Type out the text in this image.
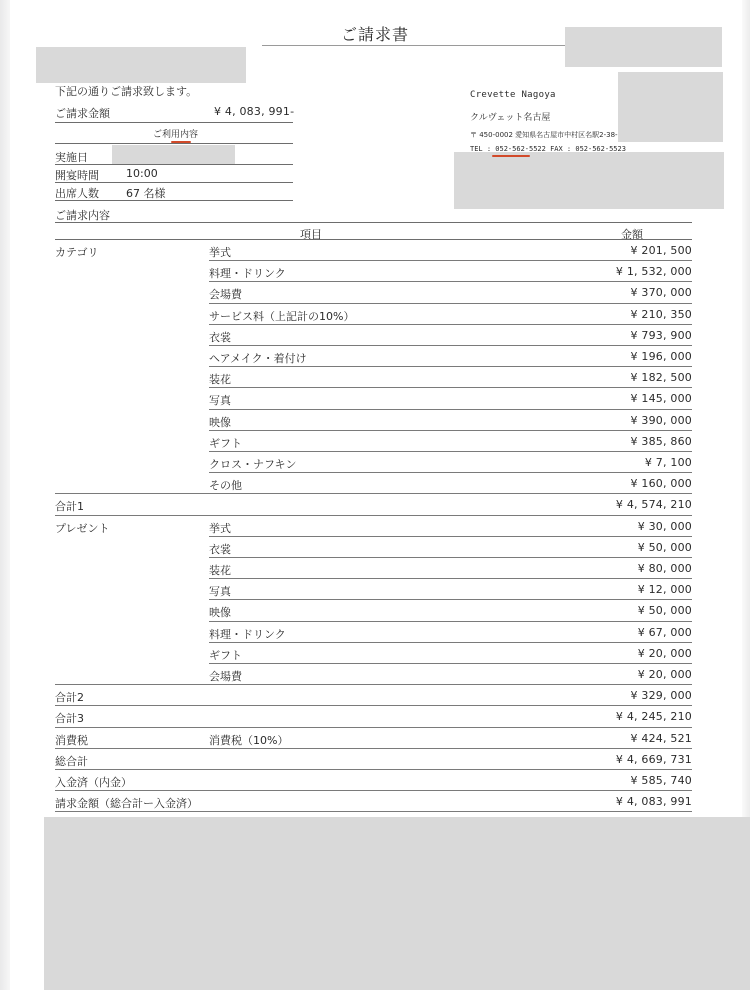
ご請求書
下記の通りご請求致します。
ご請求金額	¥ 4, 083, 991-
ご利用内容
実施日
開宴時間 10:00
出席人数 67 名様
ご請求内容
Crevette Nagoya
クルヴェット名古屋
〒 450-0002 愛知県名古屋市中村区名駅2-38-
TEL : 052-562-5522 FAX : 052-562-5523
項目	金額
カテゴリ	挙式	¥ 201, 500
料理・ドリンク	¥ 1, 532, 000
会場費	¥ 370, 000
サービス料（上記計の10%）	¥ 210, 350
衣裳	¥ 793, 900
ヘアメイク・着付け	¥ 196, 000
装花	¥ 182, 500
写真	¥ 145, 000
映像	¥ 390, 000
ギフト	¥ 385, 860
クロス・ナフキン	¥ 7, 100
その他	¥ 160, 000
合計1	¥ 4, 574, 210
プレゼント	挙式	¥ 30, 000
衣裳	¥ 50, 000
装花	¥ 80, 000
写真	¥ 12, 000
映像	¥ 50, 000
料理・ドリンク	¥ 67, 000
ギフト	¥ 20, 000
会場費	¥ 20, 000
合計2	¥ 329, 000
合計3	¥ 4, 245, 210
消費税	消費税（10%）	¥ 424, 521
総合計	¥ 4, 669, 731
入金済（内金）	¥ 585, 740
請求金額（総合計ー入金済）	¥ 4, 083, 991
